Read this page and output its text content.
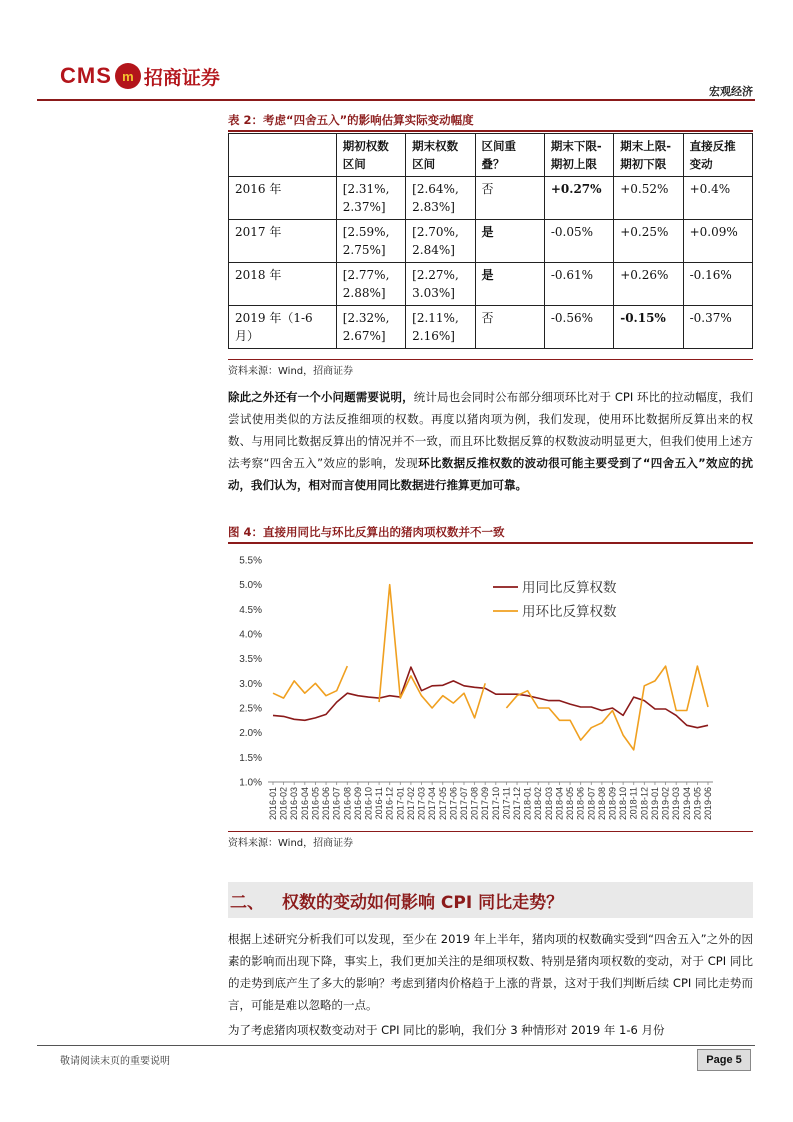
CMS m 招商证券
宏观经济
表 2：考虑“四舍五入”的影响估算实际变动幅度
	期初权数区间	期末权数区间	区间重叠？	期末下限-期初上限	期末上限-期初下限	直接反推变动
2016 年	[2.31%, 2.37%]	[2.64%, 2.83%]	否	+0.27%	+0.52%	+0.4%
2017 年	[2.59%, 2.75%]	[2.70%, 2.84%]	是	-0.05%	+0.25%	+0.09%
2018 年	[2.77%, 2.88%]	[2.27%, 3.03%]	是	-0.61%	+0.26%	-0.16%
2019 年（1-6月）	[2.32%, 2.67%]	[2.11%, 2.16%]	否	-0.56%	-0.15%	-0.37%
资料来源：Wind，招商证券
除此之外还有一个小问题需要说明，统计局也会同时公布部分细项环比对于 CPI 环比的拉动幅度，我们尝试使用类似的方法反推细项的权数。再度以猪肉项为例，我们发现，使用环比数据所反算出来的权数、与用同比数据反算出的情况并不一致，而且环比数据反算的权数波动明显更大，但我们使用上述方法考察“四舍五入”效应的影响，发现环比数据反推权数的波动很可能主要受到了“四舍五入”效应的扰动，我们认为，相对而言使用同比数据进行推算更加可靠。
图 4：直接用同比与环比反算出的猪肉项权数并不一致
1.0%
1.5%
2.0%
2.5%
3.0%
3.5%
4.0%
4.5%
5.0%
5.5%
2016-01 2016-02 2016-03 2016-04 2016-05 2016-06 2016-07 2016-08 2016-09 2016-10 2016-11 2016-12 2017-01 2017-02 2017-03 2017-04 2017-05 2017-06 2017-07 2017-08 2017-09 2017-10 2017-11 2017-12 2018-01 2018-02 2018-03 2018-04 2018-05 2018-06 2018-07 2018-08 2018-09 2018-10 2018-11 2018-12 2019-01 2019-02 2019-03 2019-04 2019-05 2019-06
用同比反算权数
用环比反算权数
资料来源：Wind，招商证券
二、	权数的变动如何影响 CPI 同比走势？
根据上述研究分析我们可以发现，至少在 2019 年上半年，猪肉项的权数确实受到“四舍五入”之外的因素的影响而出现下降，事实上，我们更加关注的是细项权数、特别是猪肉项权数的变动，对于 CPI 同比的走势到底产生了多大的影响？考虑到猪肉价格趋于上涨的背景，这对于我们判断后续 CPI 同比走势而言，可能是难以忽略的一点。
为了考虑猪肉项权数变动对于 CPI 同比的影响，我们分 3 种情形对 2019 年 1-6 月份
敬请阅读末页的重要说明	Page 5
